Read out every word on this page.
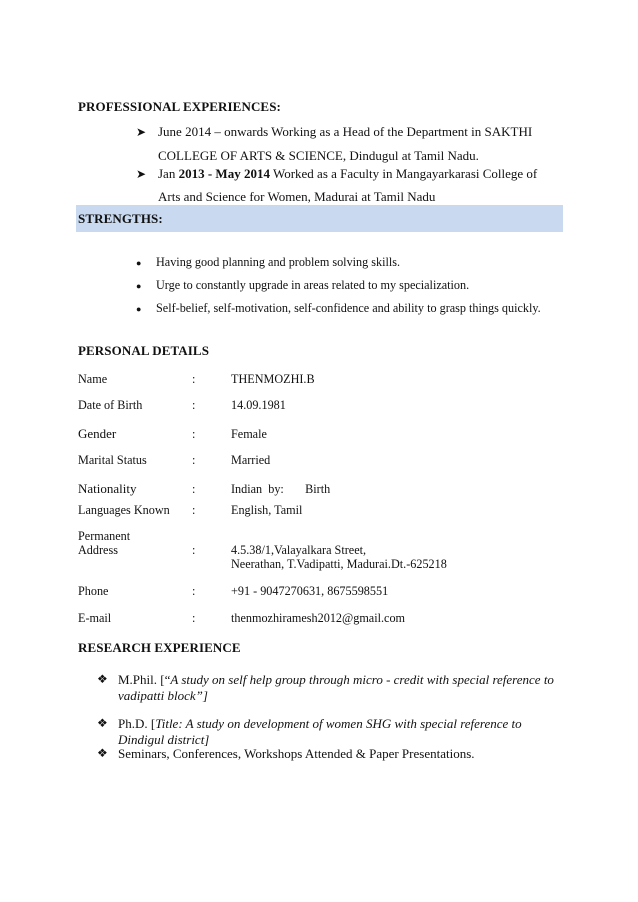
PROFESSIONAL EXPERIENCES:
➤ June 2014 – onwards Working as a Head of the Department in SAKTHI
COLLEGE OF ARTS & SCIENCE, Dindugul at Tamil Nadu.
➤ Jan 2013 - May 2014 Worked as a Faculty in Mangayarkarasi College of
Arts and Science for Women, Madurai at Tamil Nadu
STRENGTHS:
● Having good planning and problem solving skills.
● Urge to constantly upgrade in areas related to my specialization.
● Self-belief, self-motivation, self-confidence and ability to grasp things quickly.
PERSONAL DETAILS
Name	:	THENMOZHI.B
Date of Birth	:	14.09.1981
Gender	:	Female
Marital Status	:	Married
Nationality	:	Indian  by:       Birth
Languages Known :	English, Tamil
Permanent
Address	:	4.5.38/1,Valayalkara Street,
Neerathan, T.Vadipatti, Madurai.Dt.-625218
Phone	:	+91 - 9047270631, 8675598551
E-mail	:	thenmozhiramesh2012@gmail.com
RESEARCH EXPERIENCE
❖ M.Phil. [“A study on self help group through micro - credit with special reference to
vadipatti block”]
❖ Ph.D. [Title: A study on development of women SHG with special reference to
Dindigul district]
❖ Seminars, Conferences, Workshops Attended & Paper Presentations.
